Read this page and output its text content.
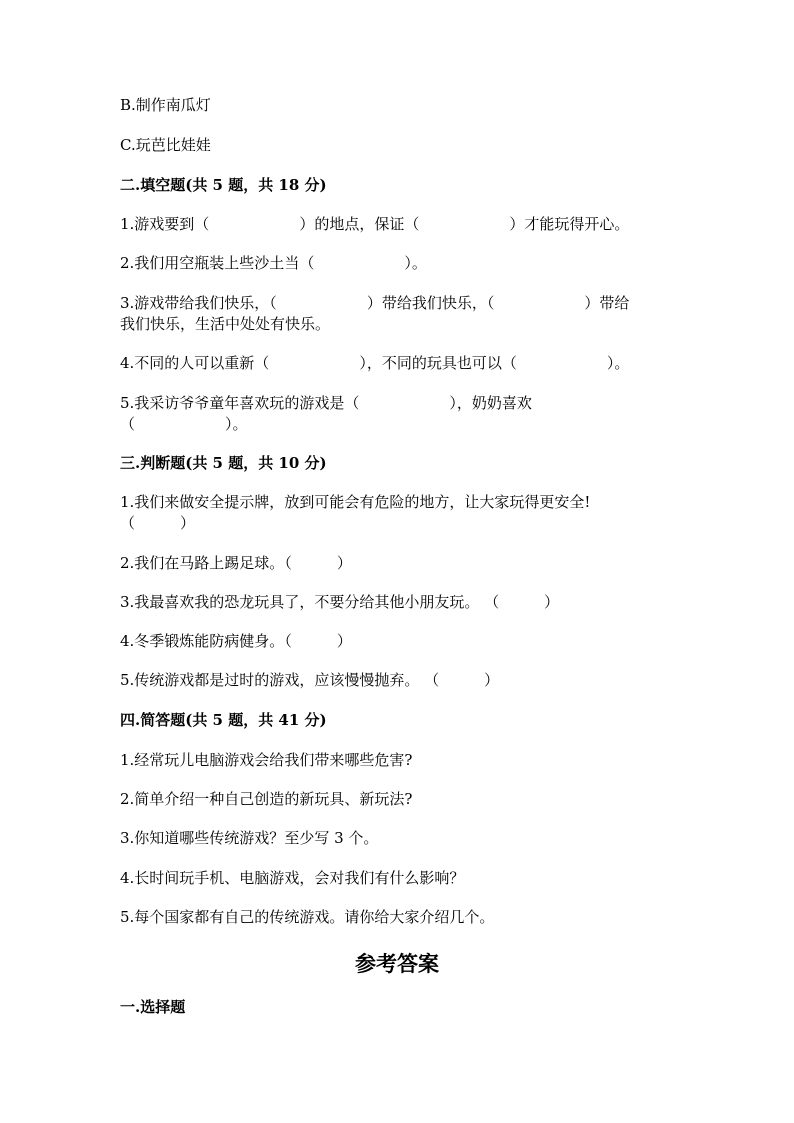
B.制作南瓜灯
C.玩芭比娃娃
二.填空题(共 5 题，共 18 分)
1.游戏要到（　　　　　　）的地点，保证（　　　　　　）才能玩得开心。
2.我们用空瓶装上些沙土当（　　　　　　）。
3.游戏带给我们快乐，（　　　　　　）带给我们快乐，（　　　　　　）带给
我们快乐，生活中处处有快乐。
4.不同的人可以重新（　　　　　　），不同的玩具也可以（　　　　　　）。
5.我采访爷爷童年喜欢玩的游戏是（　　　　　　），奶奶喜欢
（　　　　　　）。
三.判断题(共 5 题，共 10 分)
1.我们来做安全提示牌，放到可能会有危险的地方，让大家玩得更安全!
（　　　）
2.我们在马路上踢足球。（　　　）
3.我最喜欢我的恐龙玩具了，不要分给其他小朋友玩。 （　　　）
4.冬季锻炼能防病健身。（　　　）
5.传统游戏都是过时的游戏，应该慢慢抛弃。 （　　　）
四.简答题(共 5 题，共 41 分)
1.经常玩儿电脑游戏会给我们带来哪些危害?
2.简单介绍一种自己创造的新玩具、新玩法?
3.你知道哪些传统游戏？至少写 3 个。
4.长时间玩手机、电脑游戏，会对我们有什么影响？
5.每个国家都有自己的传统游戏。请你给大家介绍几个。
参考答案
一.选择题
